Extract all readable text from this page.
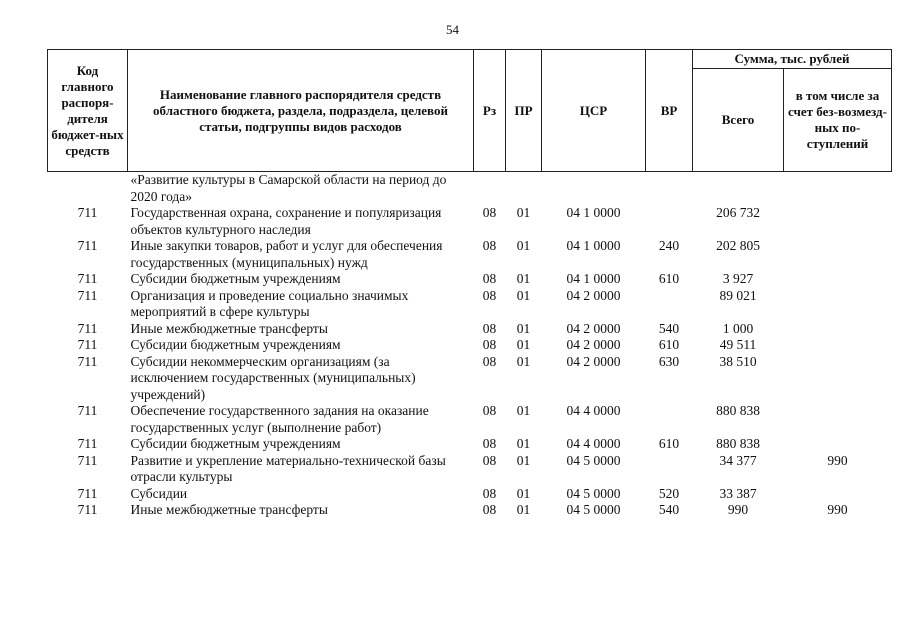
54
Код главного распоря-дителя бюджет-ных средств	Наименование главного распорядителя средств областного бюджета, раздела, подраздела, целевой статьи, подгруппы видов расходов	Рз	ПР	ЦСР	ВР	Сумма, тыс. рублей	
						Всего	в том числе за счет без-возмезд-ных по-ступлений
	«Развитие культуры в Самарской области на период до 2020 года»						
711	Государственная охрана, сохранение и популяризация объектов культурного наследия	08	01	04 1 0000		206 732	
711	Иные закупки товаров, работ и услуг для обеспечения государственных (муниципальных) нужд	08	01	04 1 0000	240	202 805	
711	Субсидии бюджетным учреждениям	08	01	04 1 0000	610	3 927	
711	Организация и проведение социально значимых мероприятий в сфере культуры	08	01	04 2 0000		89 021	
711	Иные межбюджетные трансферты	08	01	04 2 0000	540	1 000	
711	Субсидии бюджетным учреждениям	08	01	04 2 0000	610	49 511	
711	Субсидии некоммерческим организациям (за исключением государственных (муниципальных) учреждений)	08	01	04 2 0000	630	38 510	
711	Обеспечение государственного задания на оказание государственных услуг (выполнение работ)	08	01	04 4 0000		880 838	
711	Субсидии бюджетным учреждениям	08	01	04 4 0000	610	880 838	
711	Развитие и укрепление материально-технической базы отрасли культуры	08	01	04 5 0000		34 377	990
711	Субсидии	08	01	04 5 0000	520	33 387	
711	Иные межбюджетные трансферты	08	01	04 5 0000	540	990	990
